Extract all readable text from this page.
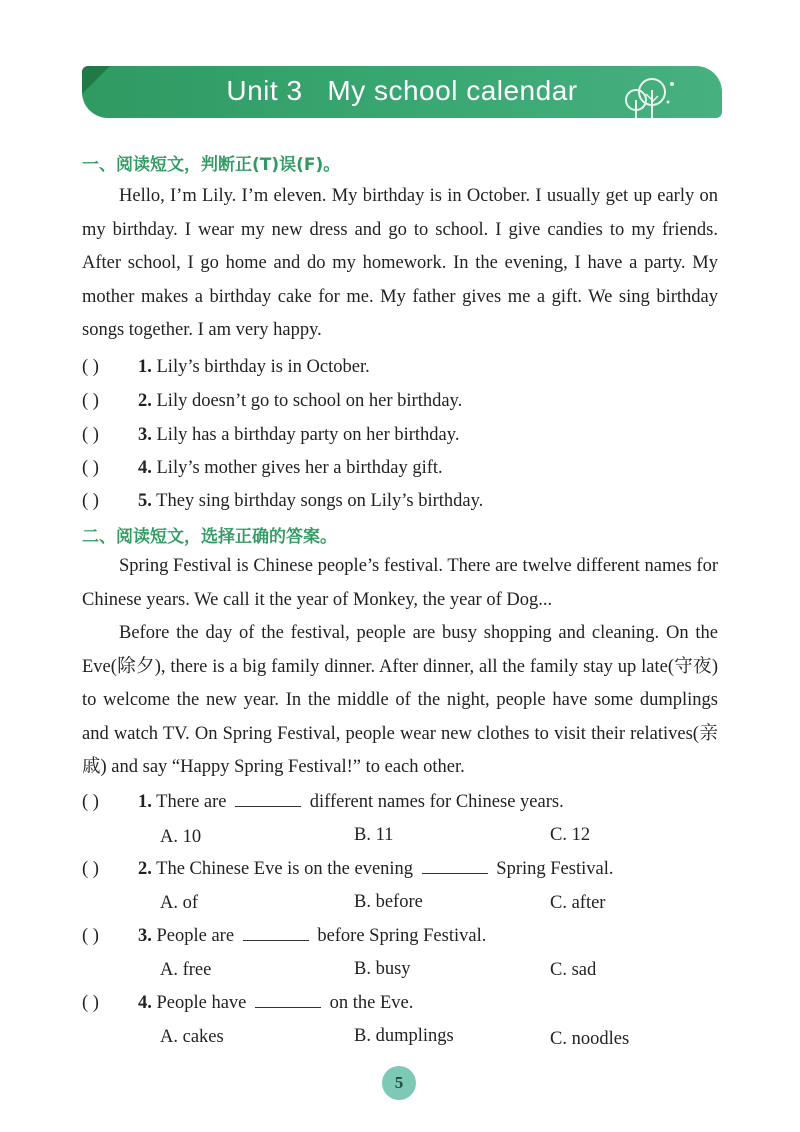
Unit 3   My school calendar
一、阅读短文，判断正(T)误(F)。
Hello, I’m Lily. I’m eleven. My birthday is in October. I usually get up early on my birthday. I wear my new dress and go to school. I give candies to my friends. After school, I go home and do my homework. In the evening, I have a party. My mother makes a birthday cake for me. My father gives me a gift. We sing birthday songs together. I am very happy.
( ) 1. Lily’s birthday is in October.
( ) 2. Lily doesn’t go to school on her birthday.
( ) 3. Lily has a birthday party on her birthday.
( ) 4. Lily’s mother gives her a birthday gift.
( ) 5. They sing birthday songs on Lily’s birthday.
二、阅读短文，选择正确的答案。
Spring Festival is Chinese people’s festival. There are twelve different names for Chinese years. We call it the year of Monkey, the year of Dog...
Before the day of the festival, people are busy shopping and cleaning. On the Eve(除夕), there is a big family dinner. After dinner, all the family stay up late(守夜) to welcome the new year. In the middle of the night, people have some dumplings and watch TV. On Spring Festival, people wear new clothes to visit their relatives(亲戚) and say “Happy Spring Festival!” to each other.
( ) 1. There are	different names for Chinese years.
A. 10	B. 11	C. 12
( ) 2. The Chinese Eve is on the evening	Spring Festival.
A. of	B. before	C. after
( ) 3. People are	before Spring Festival.
A. free	B. busy	C. sad
( ) 4. People have	on the Eve.
A. cakes	B. dumplings	C. noodles
5
